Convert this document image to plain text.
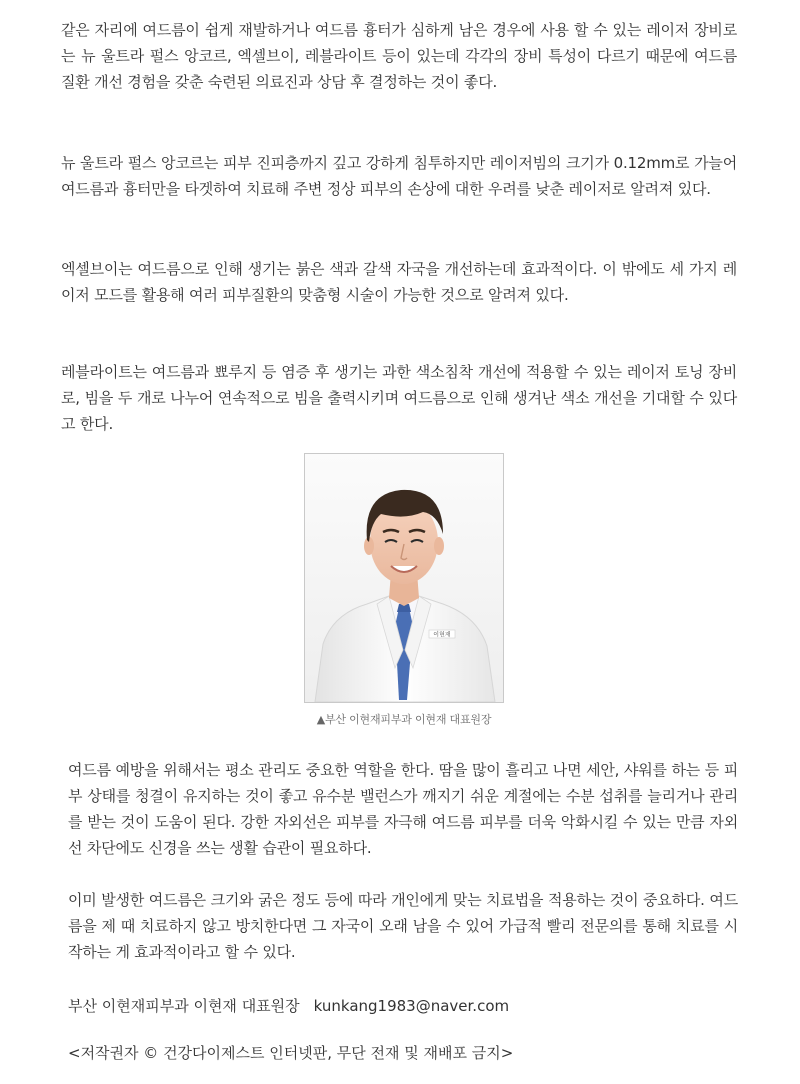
같은 자리에 여드름이 쉽게 재발하거나 여드름 흉터가 심하게 남은 경우에 사용 할 수 있는 레이저 장비로는 뉴 울트라 펄스 앙코르, 엑셀브이, 레블라이트 등이 있는데 각각의 장비 특성이 다르기 때문에 여드름 질환 개선 경험을 갖춘 숙련된 의료진과 상담 후 결정하는 것이 좋다.

뉴 울트라 펄스 앙코르는 피부 진피층까지 깊고 강하게 침투하지만 레이저빔의 크기가 0.12mm로 가늘어 여드름과 흉터만을 타겟하여 치료해 주변 정상 피부의 손상에 대한 우려를 낮춘 레이저로 알려져 있다.

엑셀브이는 여드름으로 인해 생기는 붉은 색과 갈색 자국을 개선하는데 효과적이다. 이 밖에도 세 가지 레이저 모드를 활용해 여러 피부질환의 맞춤형 시술이 가능한 것으로 알려져 있다.

레블라이트는 여드름과 뾰루지 등 염증 후 생기는 과한 색소침착 개선에 적용할 수 있는 레이저 토닝 장비로, 빔을 두 개로 나누어 연속적으로 빔을 출력시키며 여드름으로 인해 생겨난 색소 개선을 기대할 수 있다고 한다.

이현재
▲부산 이현재피부과 이현재 대표원장

여드름 예방을 위해서는 평소 관리도 중요한 역할을 한다. 땀을 많이 흘리고 나면 세안, 샤워를 하는 등 피부 상태를 청결이 유지하는 것이 좋고 유수분 밸런스가 깨지기 쉬운 계절에는 수분 섭취를 늘리거나 관리를 받는 것이 도움이 된다. 강한 자외선은 피부를 자극해 여드름 피부를 더욱 악화시킬 수 있는 만큼 자외선 차단에도 신경을 쓰는 생활 습관이 필요하다.

이미 발생한 여드름은 크기와 굵은 정도 등에 따라 개인에게 맞는 치료법을 적용하는 것이 중요하다. 여드름을 제 때 치료하지 않고 방치한다면 그 자국이 오래 남을 수 있어 가급적 빨리 전문의를 통해 치료를 시작하는 게 효과적이라고 할 수 있다.

부산 이현재피부과 이현재 대표원장 kunkang1983@naver.com
<저작권자 © 건강다이제스트 인터넷판, 무단 전재 및 재배포 금지>
